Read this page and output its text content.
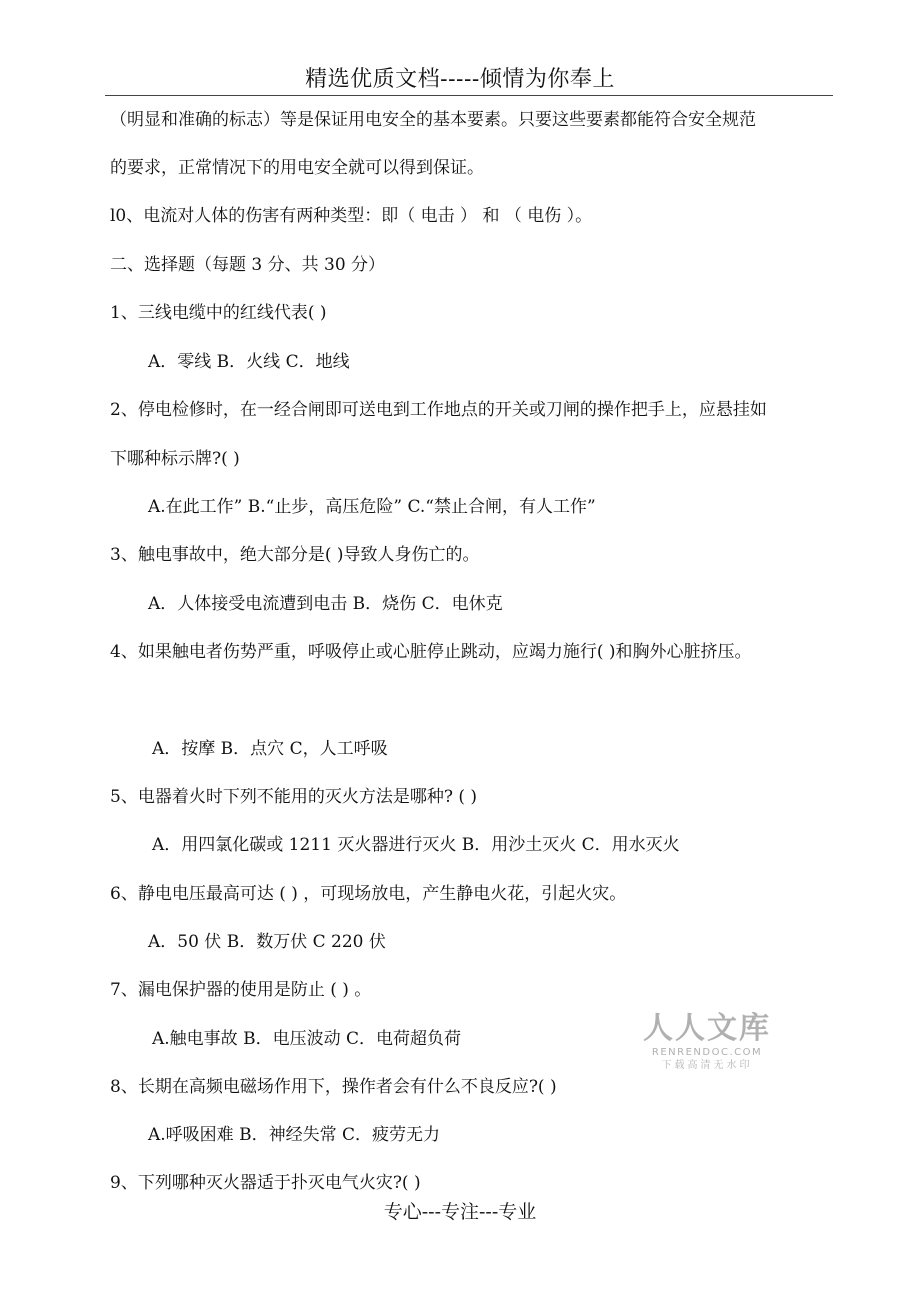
精选优质文档-----倾情为你奉上
（明显和准确的标志）等是保证用电安全的基本要素。只要这些要素都能符合安全规范
的要求，正常情况下的用电安全就可以得到保证。
l0、电流对人体的伤害有两种类型：即（ 电击 ） 和 （ 电伤 ）。
二、选择题（每题 3 分、共 30 分）
1、三线电缆中的红线代表( )
A．零线 B．火线 C．地线
2、停电检修时，在一经合闸即可送电到工作地点的开关或刀闸的操作把手上，应悬挂如
下哪种标示牌?( )
A.在此工作” B.“止步，高压危险” C.“禁止合闸，有人工作”
3、触电事故中，绝大部分是( )导致人身伤亡的。
A．人体接受电流遭到电击 B．烧伤 C．电休克
4、如果触电者伤势严重，呼吸停止或心脏停止跳动，应竭力施行( )和胸外心脏挤压。
A．按摩 B．点穴 C，人工呼吸
5、电器着火时下列不能用的灭火方法是哪种? ( )
A．用四氯化碳或 1211 灭火器进行灭火 B．用沙土灭火 C．用水灭火
6、静电电压最高可达 ( ) ，可现场放电，产生静电火花，引起火灾。
A．50 伏 B．数万伏 C 220 伏
7、漏电保护器的使用是防止 ( ) 。
A.触电事故 B．电压波动 C．电荷超负荷
8、长期在高频电磁场作用下，操作者会有什么不良反应?( )
A.呼吸困难 B．神经失常 C．疲劳无力
9、下列哪种灭火器适于扑灭电气火灾?( )
人人文库
RENRENDOC.COM
下载高清无水印
专心---专注---专业
